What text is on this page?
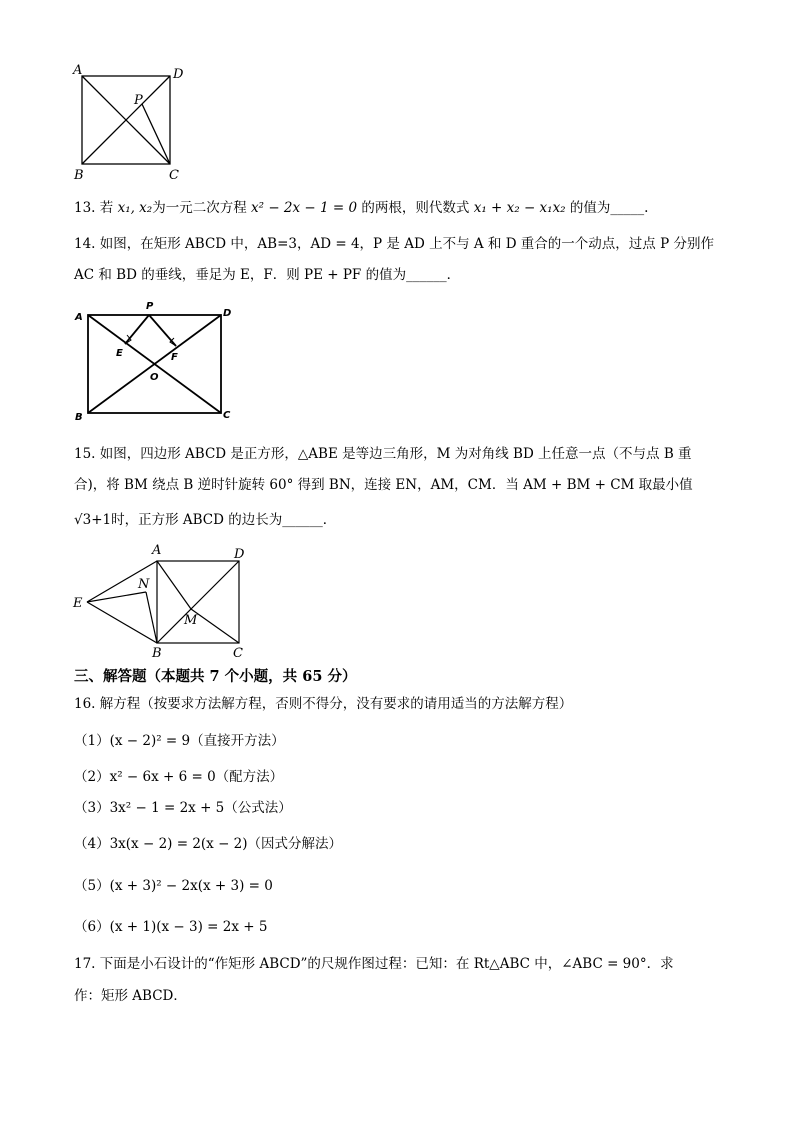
A	D
B	C
P
13. 若 x₁, x₂为一元二次方程 x² − 2x − 1 = 0 的两根，则代数式 x₁ + x₂ − x₁x₂ 的值为_____.
14. 如图，在矩形 ABCD 中，AB=3，AD = 4，P 是 AD 上不与 A 和 D 重合的一个动点，过点 P 分别作
AC 和 BD 的垂线，垂足为 E，F．则 PE + PF 的值为______．
A	D
B	C
P
E	F
O
15. 如图，四边形 ABCD 是正方形，△ABE 是等边三角形，M 为对角线 BD 上任意一点（不与点 B 重
合)，将 BM 绕点 B 逆时针旋转 60° 得到 BN，连接 EN，AM，CM．当 AM + BM + CM 取最小值
√3+1时，正方形 ABCD 的边长为______．
A	D
B	C
E
N
M
三、解答题（本题共 7 个小题，共 65 分）
16. 解方程（按要求方法解方程，否则不得分，没有要求的请用适当的方法解方程）
（1）(x − 2)² = 9（直接开方法）
（2）x² − 6x + 6 = 0（配方法）
（3）3x² − 1 = 2x + 5（公式法）
（4）3x(x − 2) = 2(x − 2)（因式分解法）
（5）(x + 3)² − 2x(x + 3) = 0
（6）(x + 1)(x − 3) = 2x + 5
17. 下面是小石设计的“作矩形 ABCD”的尺规作图过程：已知：在 Rt△ABC 中，∠ABC = 90°．求
作：矩形 ABCD．
